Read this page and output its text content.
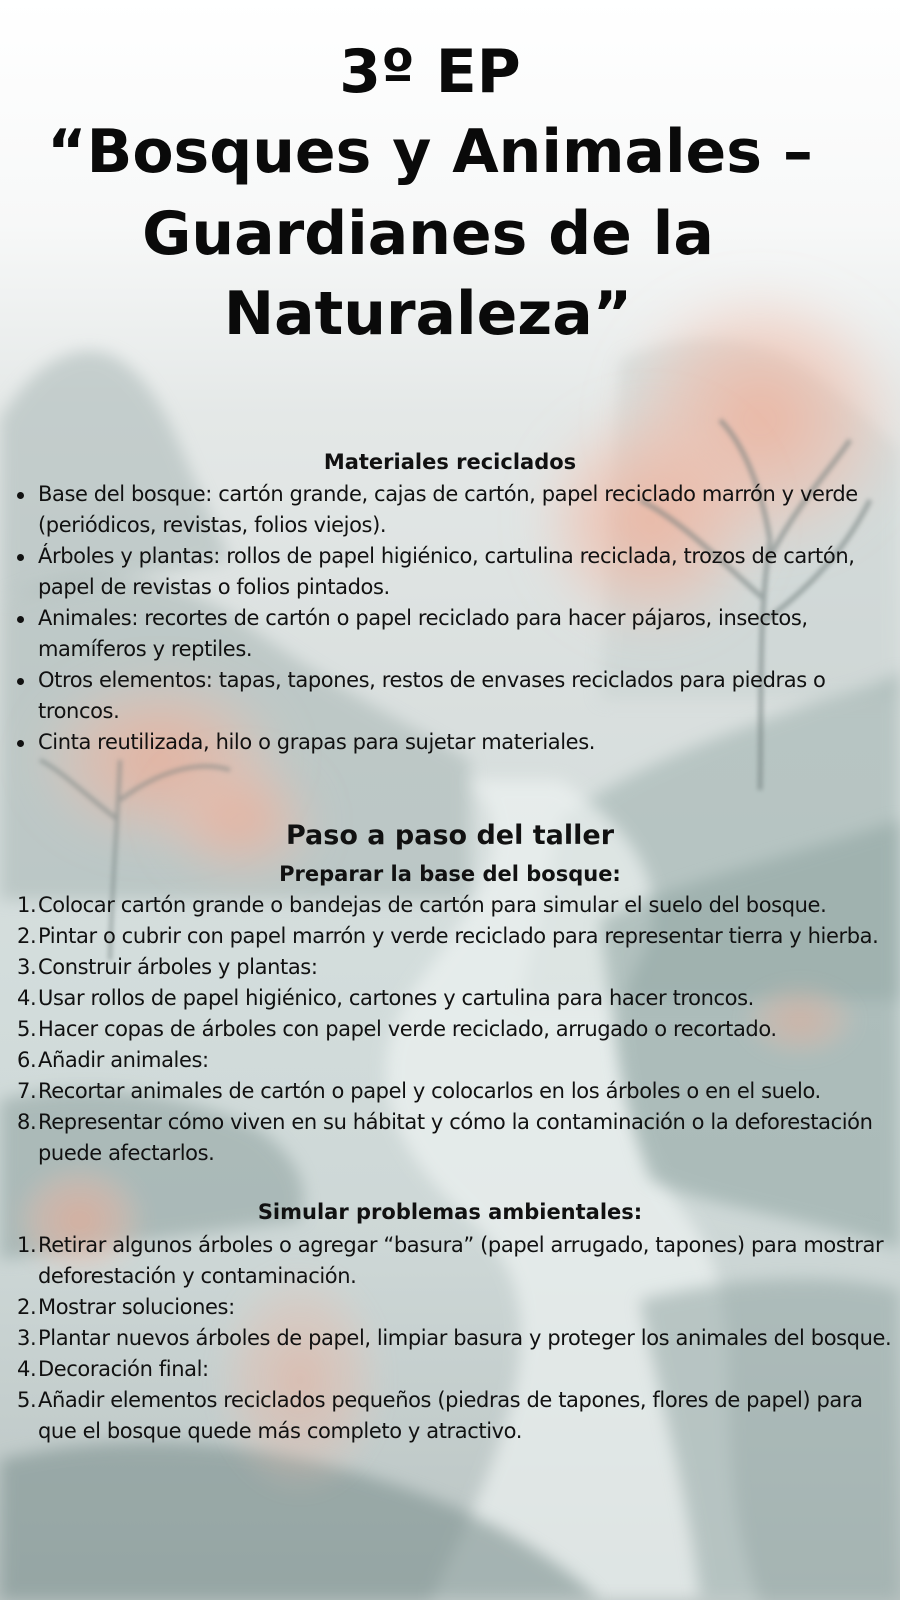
3º EP
“Bosques y Animales –
Guardianes de la Naturaleza”
Materiales reciclados
Base del bosque: cartón grande, cajas de cartón, papel reciclado marrón y verde (periódicos, revistas, folios viejos).
Árboles y plantas: rollos de papel higiénico, cartulina reciclada, trozos de cartón, papel de revistas o folios pintados.
Animales: recortes de cartón o papel reciclado para hacer pájaros, insectos, mamíferos y reptiles.
Otros elementos: tapas, tapones, restos de envases reciclados para piedras o troncos.
Cinta reutilizada, hilo o grapas para sujetar materiales.
Paso a paso del taller
Preparar la base del bosque:
1. Colocar cartón grande o bandejas de cartón para simular el suelo del bosque.
2. Pintar o cubrir con papel marrón y verde reciclado para representar tierra y hierba.
3. Construir árboles y plantas:
4. Usar rollos de papel higiénico, cartones y cartulina para hacer troncos.
5. Hacer copas de árboles con papel verde reciclado, arrugado o recortado.
6. Añadir animales:
7. Recortar animales de cartón o papel y colocarlos en los árboles o en el suelo.
8. Representar cómo viven en su hábitat y cómo la contaminación o la deforestación puede afectarlos.
Simular problemas ambientales:
1. Retirar algunos árboles o agregar “basura” (papel arrugado, tapones) para mostrar deforestación y contaminación.
2. Mostrar soluciones:
3. Plantar nuevos árboles de papel, limpiar basura y proteger los animales del bosque.
4. Decoración final:
5. Añadir elementos reciclados pequeños (piedras de tapones, flores de papel) para que el bosque quede más completo y atractivo.
